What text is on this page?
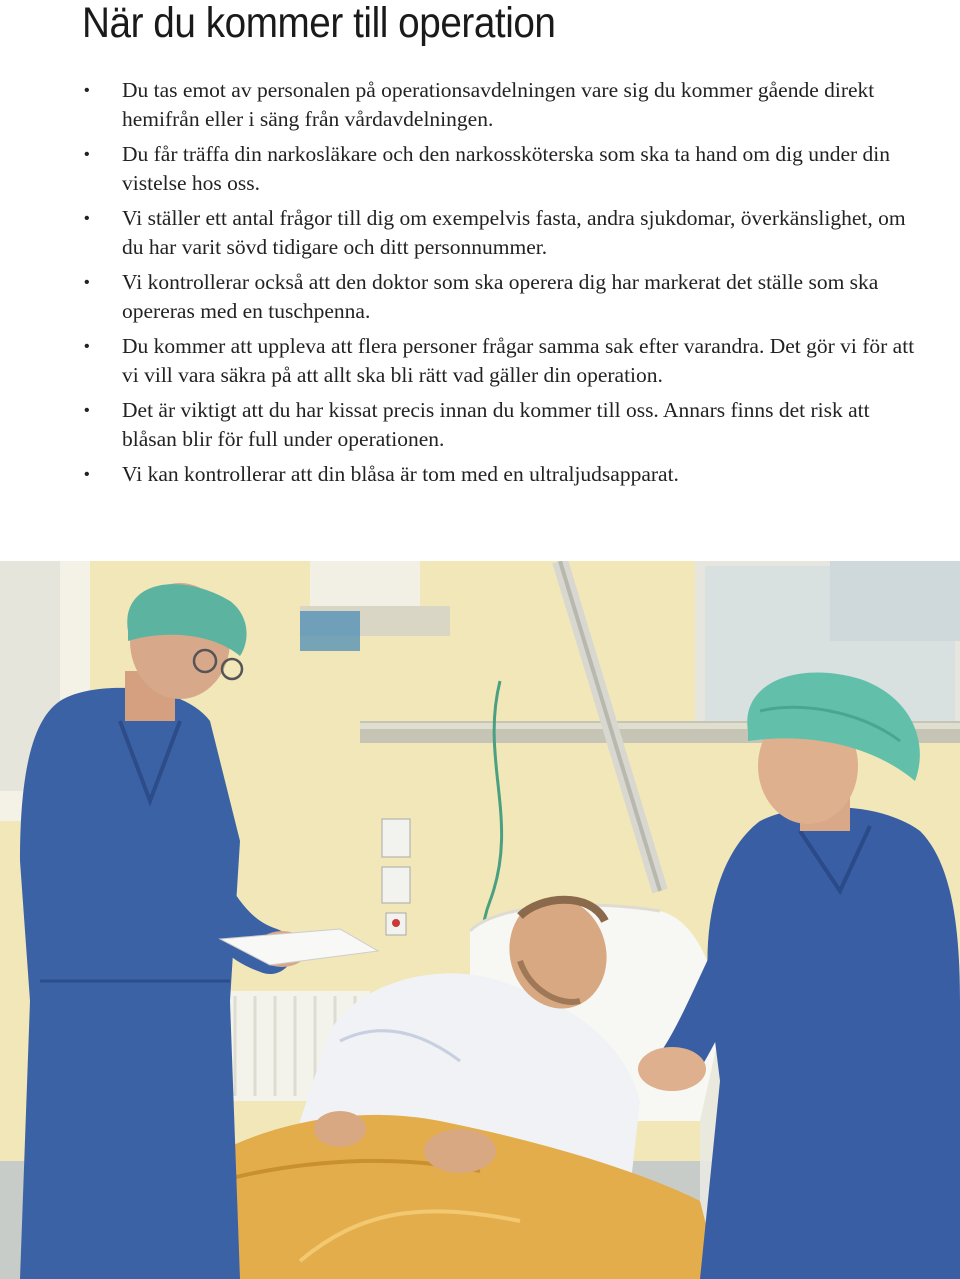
När du kommer till operation
• Du tas emot av personalen på operationsavdelningen vare sig du kommer gående direkt hemifrån eller i säng från vårdavdelningen.
• Du får träffa din narkosläkare och den narkossköterska som ska ta hand om dig under din vistelse hos oss.
• Vi ställer ett antal frågor till dig om exempelvis fasta, andra sjukdomar, överkänslighet, om du har varit sövd tidigare och ditt personnummer.
• Vi kontrollerar också att den doktor som ska operera dig har markerat det ställe som ska opereras med en tuschpenna.
• Du kommer att uppleva att flera personer frågar samma sak efter varandra. Det gör vi för att vi vill vara säkra på att allt ska bli rätt vad gäller din operation.
• Det är viktigt att du har kissat precis innan du kommer till oss. Annars finns det risk att blåsan blir för full under operationen.
• Vi kan kontrollerar att din blåsa är tom med en ultraljudsapparat.
